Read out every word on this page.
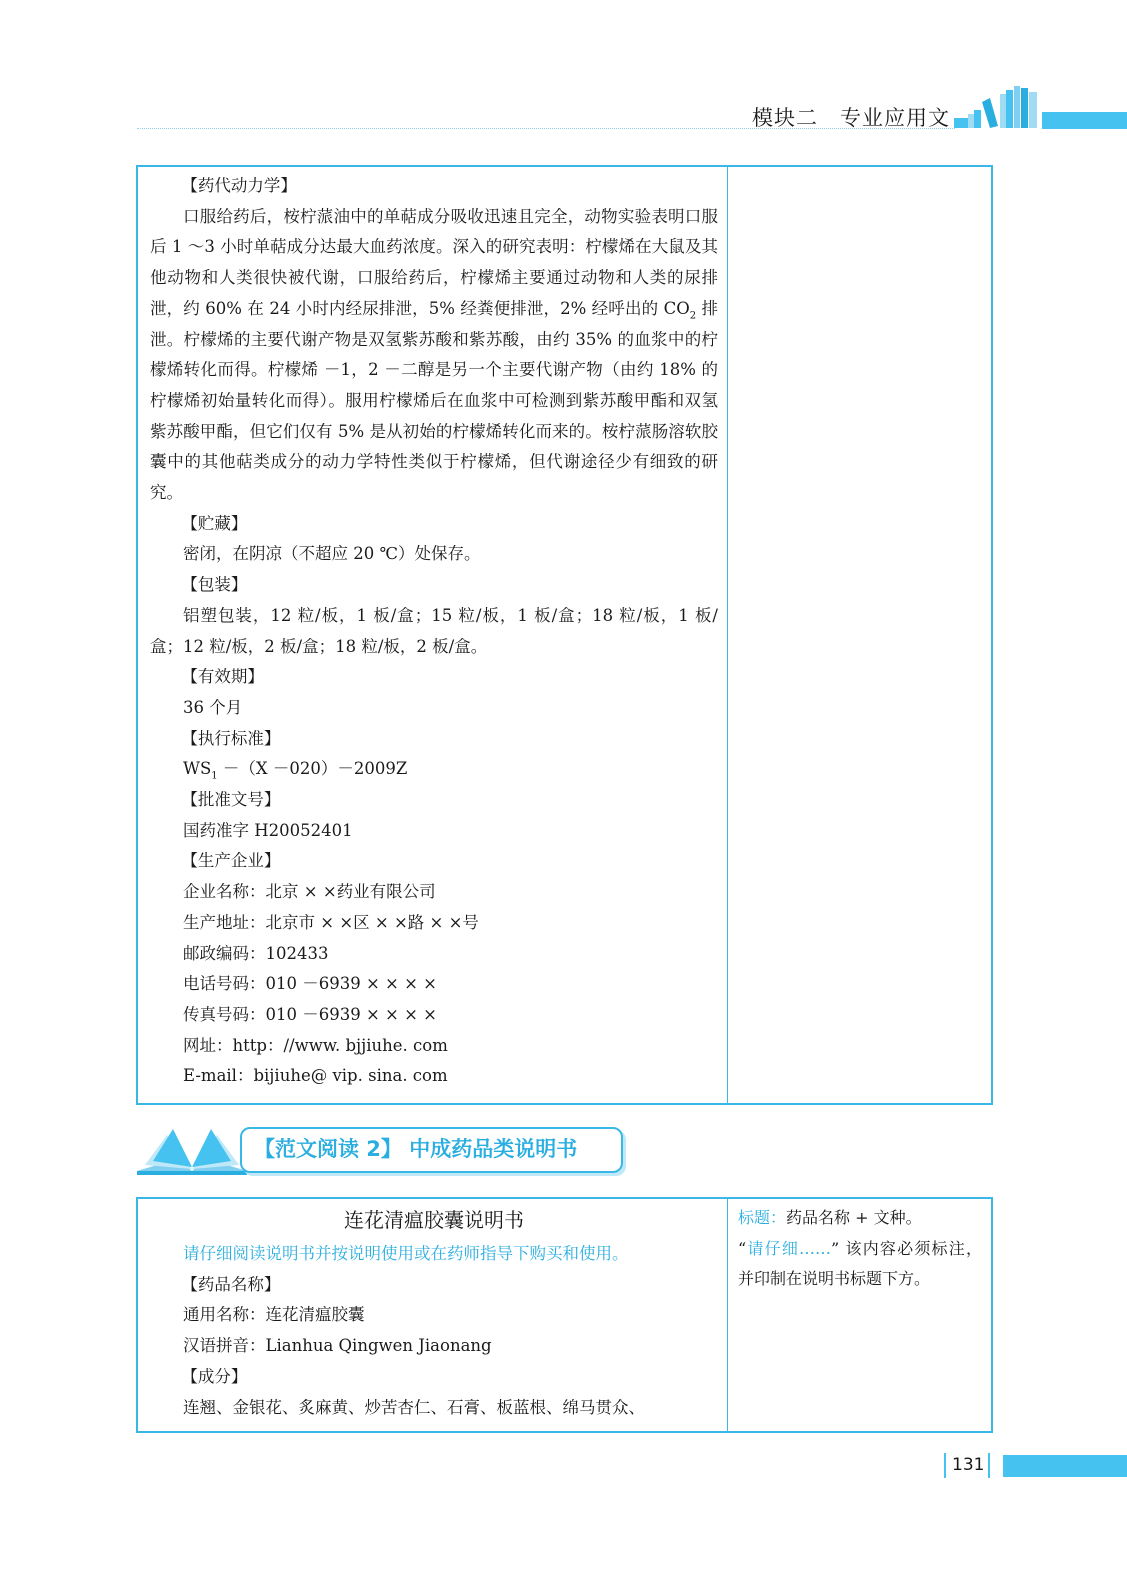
模块二　专业应用文

【药代动力学】

口服给药后，桉柠蒎油中的单萜成分吸收迅速且完全，动物实验表明口服后 1 ～3 小时单萜成分达最大血药浓度。深入的研究表明：柠檬烯在大鼠及其他动物和人类很快被代谢，口服给药后，柠檬烯主要通过动物和人类的尿排泄，约 60% 在 24 小时内经尿排泄，5% 经粪便排泄，2% 经呼出的 $CO_2$ 排泄。柠檬烯的主要代谢产物是双氢紫苏酸和紫苏酸，由约 35% 的血浆中的柠檬烯转化而得。柠檬烯 －1，2 －二醇是另一个主要代谢产物（由约 18% 的柠檬烯初始量转化而得）。服用柠檬烯后在血浆中可检测到紫苏酸甲酯和双氢紫苏酸甲酯，但它们仅有 5% 是从初始的柠檬烯转化而来的。桉柠蒎肠溶软胶囊中的其他萜类成分的动力学特性类似于柠檬烯，但代谢途径少有细致的研究。

【贮藏】

密闭，在阴凉（不超应 20 ℃）处保存。

【包装】

铝塑包装，12 粒/板，1 板/盒；15 粒/板，1 板/盒；18 粒/板，1 板/盒；12 粒/板，2 板/盒；18 粒/板，2 板/盒。

【有效期】

36 个月

【执行标准】

$WS_1 -(X -020)-2009Z$

【批准文号】

国药准字 H20052401

【生产企业】

企业名称：北京 × ×药业有限公司

生产地址：北京市 × ×区 × ×路 × ×号

邮政编码：102433

电话号码：010 －6939 × × × ×

传真号码：010 －6939 × × × ×

网址：http：//www. bjjiuhe. com

E-mail：bijiuhe@ vip. sina. com

【范文阅读 2】 中成药品类说明书
连花清瘟胶囊说明书

请仔细阅读说明书并按说明使用或在药师指导下购买和使用。

【药品名称】

通用名称：连花清瘟胶囊

汉语拼音：Lianhua Qingwen Jiaonang

【成分】

连翘、金银花、炙麻黄、炒苦杏仁、石膏、板蓝根、绵马贯众、

标题：药品名称 + 文种。
“请仔细……” 该内容必须标注，并印制在说明书标题下方。

131
